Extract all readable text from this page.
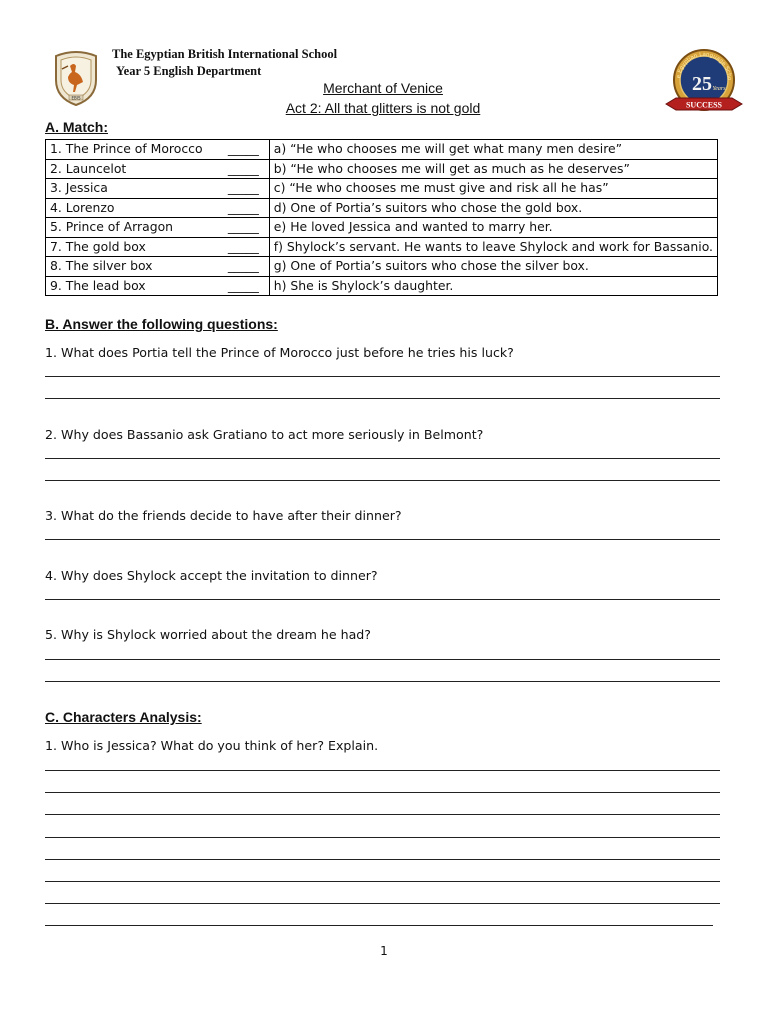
EBIS
The Egyptian British International School
Year 5 English Department	e Egyptian Language Scho
25 Years
SUCCESS
Merchant of Venice
Act 2: All that glitters is not gold
A. Match:
1. The Prince of Morocco _____	a) “He who chooses me will get what many men desire”
2. Launcelot _____	b) “He who chooses me will get as much as he deserves”
3. Jessica _____	c) “He who chooses me must give and risk all he has”
4. Lorenzo _____	d) One of Portia’s suitors who chose the gold box.
5. Prince of Arragon _____	e) He loved Jessica and wanted to marry her.
7. The gold box _____	f) Shylock’s servant. He wants to leave Shylock and work for Bassanio.
8. The silver box _____	g) One of Portia’s suitors who chose the silver box.
9. The lead box _____	h) She is Shylock’s daughter.
B. Answer the following questions:
1. What does Portia tell the Prince of Morocco just before he tries his luck?
2. Why does Bassanio ask Gratiano to act more seriously in Belmont?
3. What do the friends decide to have after their dinner?
4. Why does Shylock accept the invitation to dinner?
5. Why is Shylock worried about the dream he had?
C. Characters Analysis:
1. Who is Jessica? What do you think of her? Explain.
1
